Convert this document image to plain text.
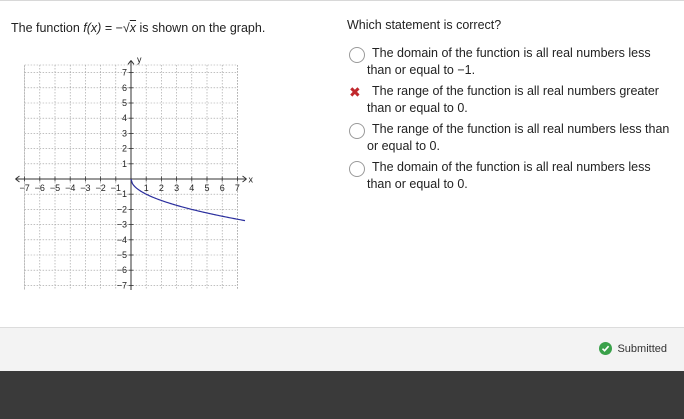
The function f(x) = −√x is shown on the graph.
−7 −6 −5 −4 −3 −2 −1	1 2 3 4 5 6 7
7
6
5
4
3
2
1
−1
−2
−3
−4
−5
−6
−7
x
y
Which statement is correct?
The domain of the function is all real numbers less
than or equal to −1.
✖ The range of the function is all real numbers greater
than or equal to 0.
The range of the function is all real numbers less than
or equal to 0.
The domain of the function is all real numbers less
than or equal to 0.
Submitted
